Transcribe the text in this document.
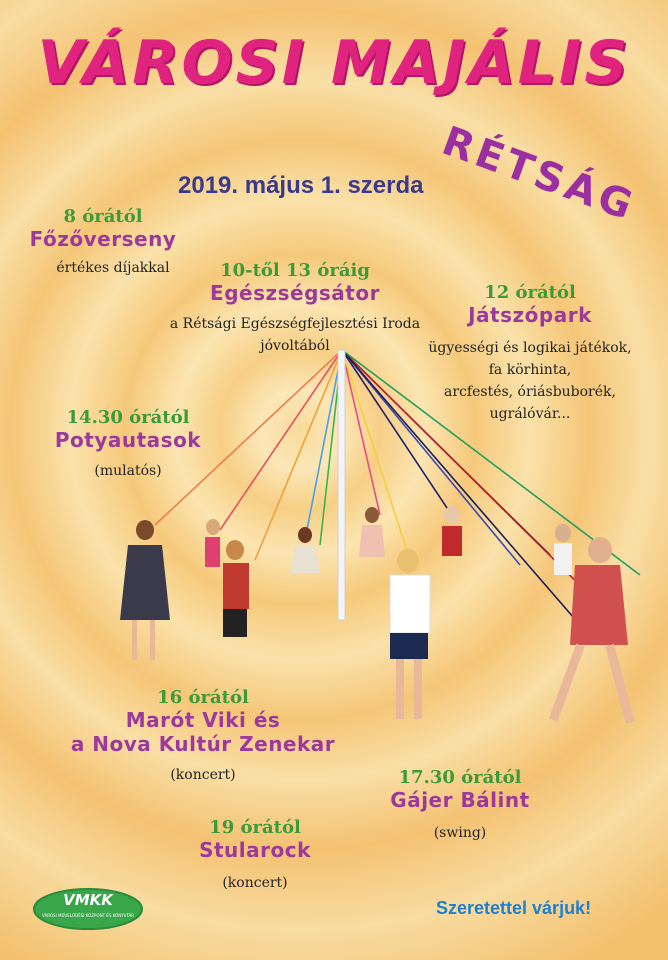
VÁROSI MAJÁLIS
RÉTSÁG
2019. május 1. szerda
8 órától
Főzőverseny
értékes díjakkal	10-től 13 óráig
Egészségsátor
a Rétsági Egészségfejlesztési Iroda
jóvoltából
12 órától
Játszópark
ügyességi és logikai játékok,
fa körhinta,
arcfestés, óriásbuborék,
ugrálóvár...
14.30 órától
Potyautasok
(mulatós)
16 órától
Marót Viki és
a Nova Kultúr Zenekar
(koncert)	17.30 órától
Gájer Bálint
(swing)
19 órától
Stularock
(koncert)
VMKK
VÁROSI MŰVELŐDÉSI KÖZPONT ÉS KÖNYVTÁR	Szeretettel várjuk!
